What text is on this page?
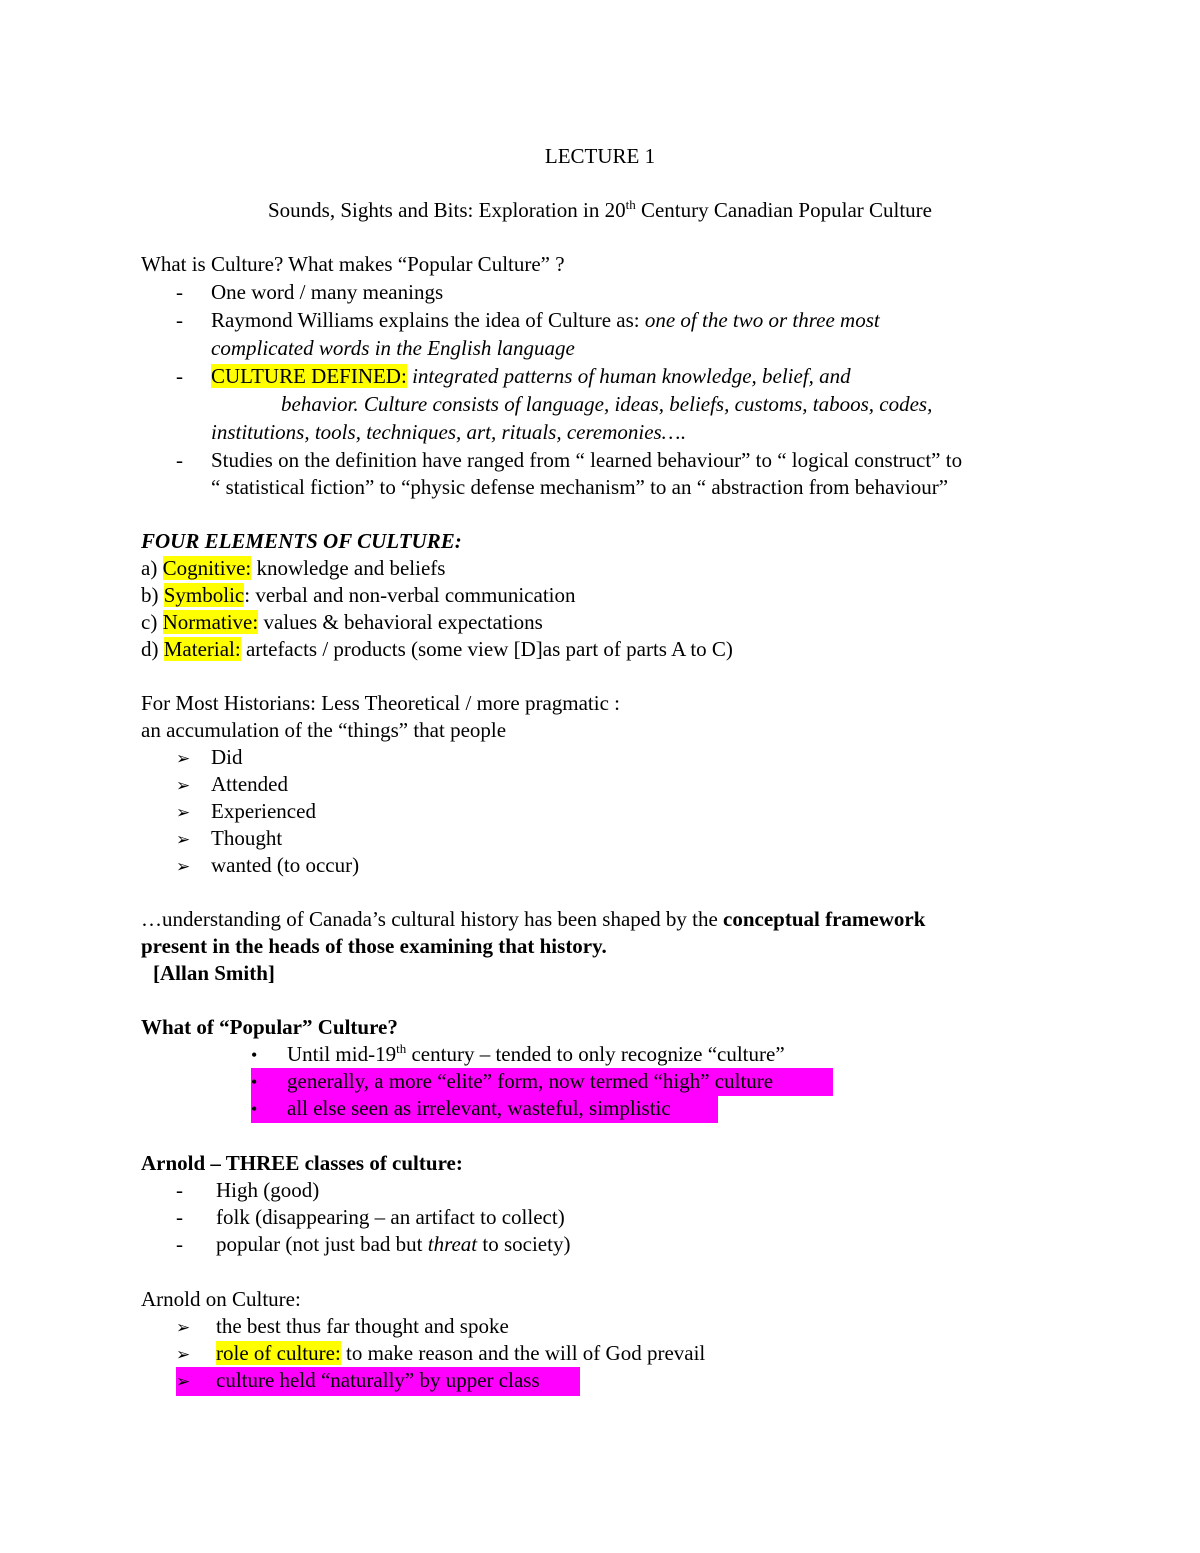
LECTURE 1
Sounds, Sights and Bits: Exploration in 20th Century Canadian Popular Culture
What is Culture? What makes “Popular Culture” ?
- One word / many meanings
- Raymond Williams explains the idea of Culture as: one of the two or three most
complicated words in the English language
- CULTURE DEFINED: integrated patterns of human knowledge, belief, and
behavior. Culture consists of language, ideas, beliefs, customs, taboos, codes,
institutions, tools, techniques, art, rituals, ceremonies….
- Studies on the definition have ranged from “ learned behaviour” to “ logical construct” to
“ statistical fiction” to “physic defense mechanism” to an “ abstraction from behaviour”
FOUR ELEMENTS OF CULTURE:
a) Cognitive: knowledge and beliefs
b) Symbolic: verbal and non-verbal communication
c) Normative: values & behavioral expectations
d) Material: artefacts / products (some view [D]as part of parts A to C)
For Most Historians: Less Theoretical / more pragmatic :
an accumulation of the “things” that people
➢ Did
➢ Attended
➢ Experienced
➢ Thought
➢ wanted (to occur)
…understanding of Canada’s cultural history has been shaped by the conceptual framework
present in the heads of those examining that history.
[Allan Smith]
What of “Popular” Culture?
• Until mid-19th century – tended to only recognize “culture”
• generally, a more “elite” form, now termed “high” culture
• all else seen as irrelevant, wasteful, simplistic
Arnold – THREE classes of culture:
- High (good)
- folk (disappearing – an artifact to collect)
- popular (not just bad but threat to society)
Arnold on Culture:
➢ the best thus far thought and spoke
➢ role of culture: to make reason and the will of God prevail
➢ culture held “naturally” by upper class
